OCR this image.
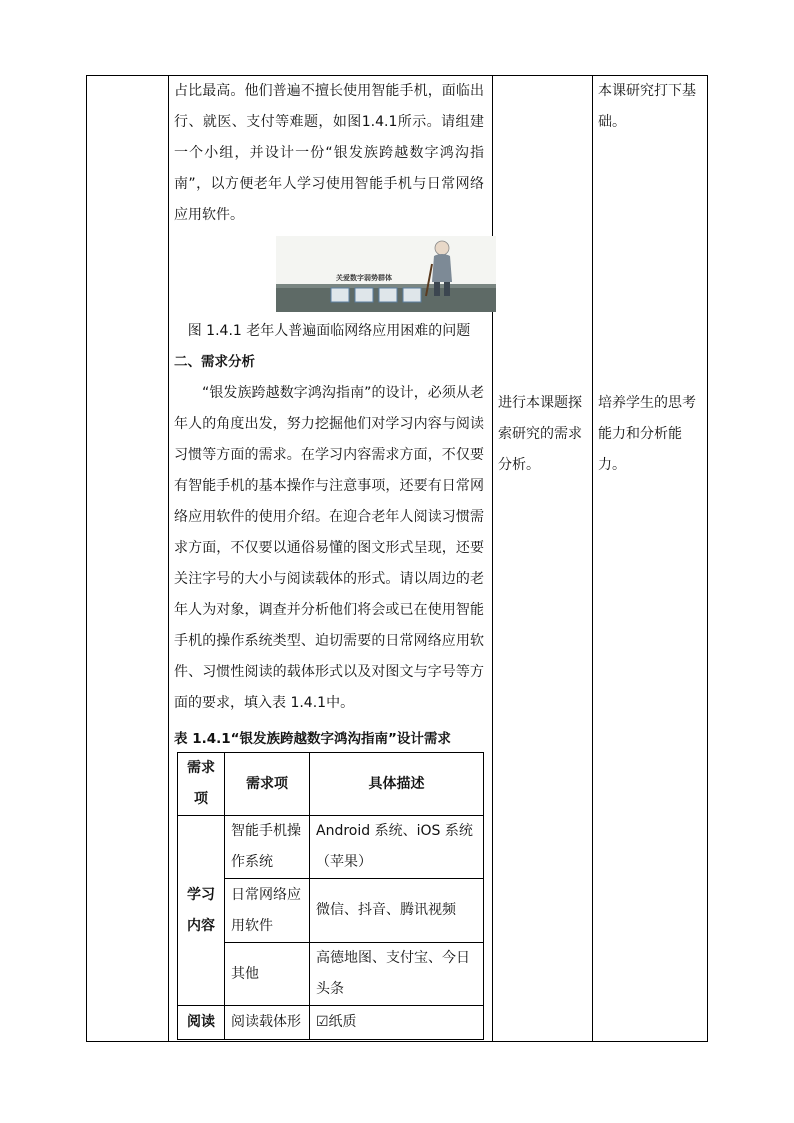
占比最高。他们普遍不擅长使用智能手机，面临出行、就医、支付等难题，如图1.4.1所示。请组建一个小组，并设计一份“银发族跨越数字鸿沟指南”，以方便老年人学习使用智能手机与日常网络应用软件。

关爱数字弱势群体

图 1.4.1 老年人普遍面临网络应用困难的问题

二、需求分析

“银发族跨越数字鸿沟指南”的设计，必须从老年人的角度出发，努力挖掘他们对学习内容与阅读习惯等方面的需求。在学习内容需求方面，不仅要有智能手机的基本操作与注意事项，还要有日常网络应用软件的使用介绍。在迎合老年人阅读习惯需求方面，不仅要以通俗易懂的图文形式呈现，还要关注字号的大小与阅读载体的形式。请以周边的老年人为对象，调查并分析他们将会或已在使用智能手机的操作系统类型、迫切需要的日常网络应用软件、习惯性阅读的载体形式以及对图文与字号等方面的要求，填入表 1.4.1中。

表 1.4.1“银发族跨越数字鸿沟指南”设计需求
需求项	需求项	具体描述
学习内容	智能手机操作系统	Android 系统、iOS 系统（苹果）
	日常网络应用软件	微信、抖音、腾讯视频
	其他	高德地图、支付宝、今日头条
阅读	阅读载体形	☑纸质
进行本课题探索研究的需求分析。
本课研究打下基础。
培养学生的思考能力和分析能力。
